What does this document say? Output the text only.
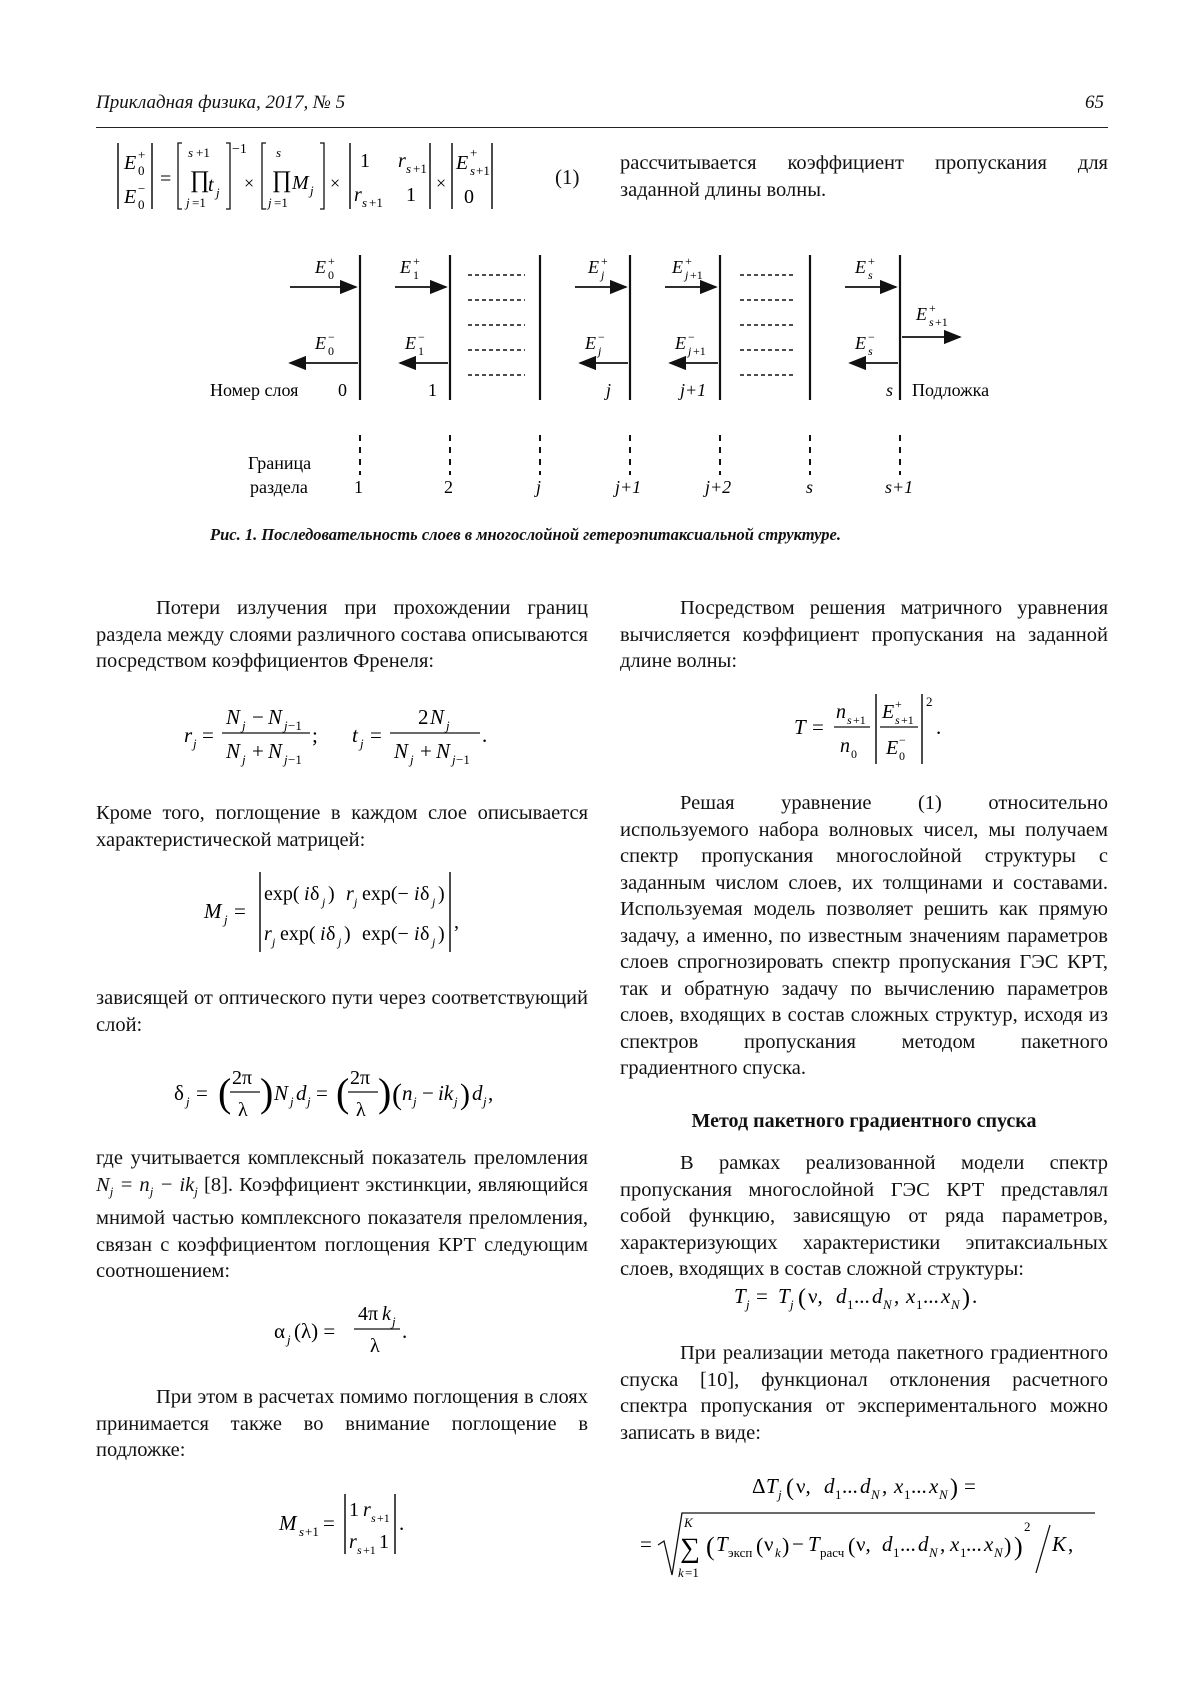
Прикладная физика, 2017, № 5	65
E 0
+
E 0
− =
s +1
∏
t j
j =1
−1
×
s
∏ M j
j =1
×
1 r s +1
r s +1 1
×
E s +1
+
0
(1)

рассчитывается коэффициент пропускания для заданной длины волны.

E 0
+	E 1
+	E j
+	E j +1
+	E s
+
E s +1
+
E 0
−	E 1
−	E j
−	E j +1
−	E s
−
Номер слоя	Подложка
Граница
раздела
0	1	j	j+1	s
1	2	j	j+1	j+2	s	s+1
Рис. 1. Последовательность слоев в многослойной гетероэпитаксиальной структуре.

Потери излучения при прохождении границ раздела между слоями различного состава описываются посредством коэффициентов Френеля:

r j =
N j − N j −1
N j + N j −1
; t j =
2 N j
N j + N j −1
.

Кроме того, поглощение в каждом слое описывается характеристической матрицей:

M j =
exp( i δ j ) r j exp(− i δ j )
r j exp( i δ j ) exp(− i δ j )
,

зависящей от оптического пути через соответствующий слой:

δ j = ( 2π
λ ) N j d j = ( 2π
λ ) ( n j − ik j ) d j ,

где учитывается комплексный показатель преломления $N_j = n_j - ik_j$ [8]. Коэффициент экстинкции, являющийся мнимой частью комплексного показателя преломления, связан с коэффициентом поглощения КРТ следующим соотношением:

α j (λ) =
4π k j
λ
.

При этом в расчетах помимо поглощения в слоях принимается также во внимание поглощение в подложке:

M s +1 =
1 r s +1
r s +1 1
.

Посредством решения матричного уравнения вычисляется коэффициент пропускания на заданной длине волны:

T =
n s +1
n 0
E s +1
+
E 0
−
2
.

Решая уравнение (1) относительно используемого набора волновых чисел, мы получаем спектр пропускания многослойной структуры с заданным числом слоев, их толщинами и составами. Используемая модель позволяет решить как прямую задачу, а именно, по известным значениям параметров слоев спрогнозировать спектр пропускания ГЭС КРТ, так и обратную задачу по вычислению параметров слоев, входящих в состав сложных структур, исходя из спектров пропускания методом пакетного градиентного спуска.

Метод пакетного градиентного спуска

В рамках реализованной модели спектр пропускания многослойной ГЭС КРТ представлял собой функцию, зависящую от ряда параметров, характеризующих характеристики эпитаксиальных слоев, входящих в состав сложной структуры:

T j = T j ( ν, d 1 ... d N , x 1 ... x N ) .

При реализации метода пакетного градиентного спуска [10], функционал отклонения расчетного спектра пропускания от экспериментального можно записать в виде:

Δ T j ( ν, d 1 ... d N , x 1 ... x N ) =
=
K
∑
k =1
( T эксп ( ν k ) − T расч ( ν, d 1 ... d N , x 1 ... x N ) )
2
K ,
